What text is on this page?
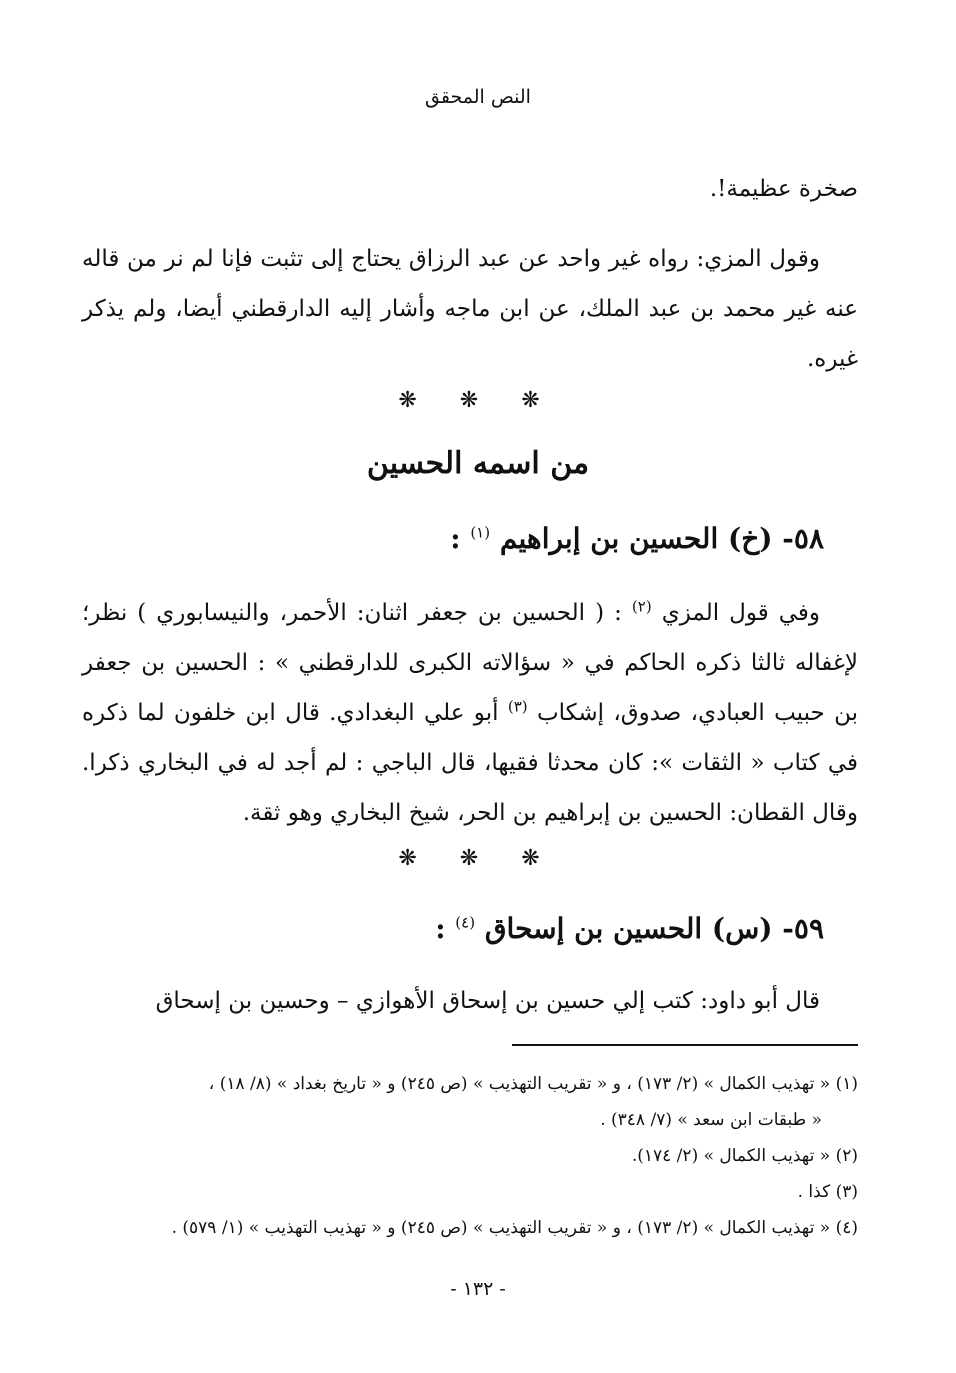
النص المحقق

صخرة عظيمة!.

وقول المزي: رواه غير واحد عن عبد الرزاق يحتاج إلى تثبت فإنا لم نر من قاله عنه غير محمد بن عبد الملك، عن ابن ماجه وأشار إليه الدارقطني أيضا، ولم يذكر غيره.

❋ ❋ ❋
من اسمه الحسين
٥٨- (خ) الحسين بن إبراهيم $^{(١)}$ :

وفي قول المزي $^{(٢)}$ : ( الحسين بن جعفر اثنان: الأحمر، والنيسابوري ) نظر؛ لإغفاله ثالثا ذكره الحاكم في « سؤالاته الكبرى للدارقطني » : الحسين بن جعفر بن حبيب العبادي، صدوق، إشكاب $^{(٣)}$ أبو علي البغدادي. قال ابن خلفون لما ذكره في كتاب « الثقات »: كان محدثا فقيها، قال الباجي : لم أجد له في البخاري ذكرا. وقال القطان: الحسين بن إبراهيم بن الحر، شيخ البخاري وهو ثقة.

❋ ❋ ❋
٥٩- (س) الحسين بن إسحاق $^{(٤)}$ :

قال أبو داود: كتب إلي حسين بن إسحاق الأهوازي – وحسين بن إسحاق

(١) « تهذيب الكمال » (٢/ ١٧٣) ، و « تقريب التهذيب » (ص ٢٤٥) و « تاريخ بغداد » (٨/ ١٨) ،

« طبقات ابن سعد » (٧/ ٣٤٨) .

(٢) « تهذيب الكمال » (٢/ ١٧٤).

(٣) كذا .

(٤) « تهذيب الكمال » (٢/ ١٧٣) ، و « تقريب التهذيب » (ص ٢٤٥) و « تهذيب التهذيب » (١/ ٥٧٩) .

- ١٣٢ -
